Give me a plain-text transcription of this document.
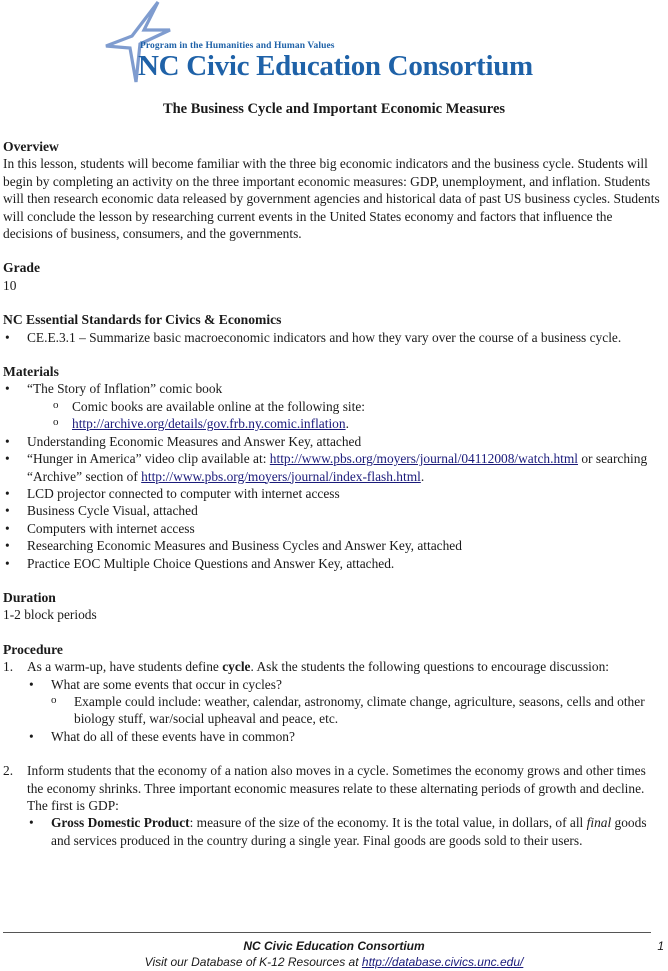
Program in the Humanities and Human Values
NC Civic Education Consortium
The Business Cycle and Important Economic Measures
Overview

In this lesson, students will become familiar with the three big economic indicators and the business cycle. Students will begin by completing an activity on the three important economic measures: GDP, unemployment, and inflation. Students will then research economic data released by government agencies and historical data of past US business cycles. Students will conclude the lesson by researching current events in the United States economy and factors that influence the decisions of business, consumers, and the governments.

Grade

10

NC Essential Standards for Civics & Economics
• CE.E.3.1 – Summarize basic macroeconomic indicators and how they vary over the course of a business cycle.
Materials
• “The Story of Inflation” comic book
o Comic books are available online at the following site:
o http://archive.org/details/gov.frb.ny.comic.inflation.
• Understanding Economic Measures and Answer Key, attached
• “Hunger in America” video clip available at: http://www.pbs.org/moyers/journal/04112008/watch.html or searching “Archive” section of http://www.pbs.org/moyers/journal/index-flash.html.
• LCD projector connected to computer with internet access
• Business Cycle Visual, attached
• Computers with internet access
• Researching Economic Measures and Business Cycles and Answer Key, attached
• Practice EOC Multiple Choice Questions and Answer Key, attached.
Duration

1-2 block periods

Procedure
1. As a warm-up, have students define cycle. Ask the students the following questions to encourage discussion:

• What are some events that occur in cycles?
o Example could include: weather, calendar, astronomy, climate change, agriculture, seasons, cells and other biology stuff, war/social upheaval and peace, etc.
• What do all of these events have in common?
2. Inform students that the economy of a nation also moves in a cycle. Sometimes the economy grows and other times the economy shrinks. Three important economic measures relate to these alternating periods of growth and decline. The first is GDP:

• Gross Domestic Product: measure of the size of the economy. It is the total value, in dollars, of all final goods and services produced in the country during a single year. Final goods are goods sold to their users.
NC Civic Education Consortium
Visit our Database of K-12 Resources at http://database.civics.unc.edu/
1
